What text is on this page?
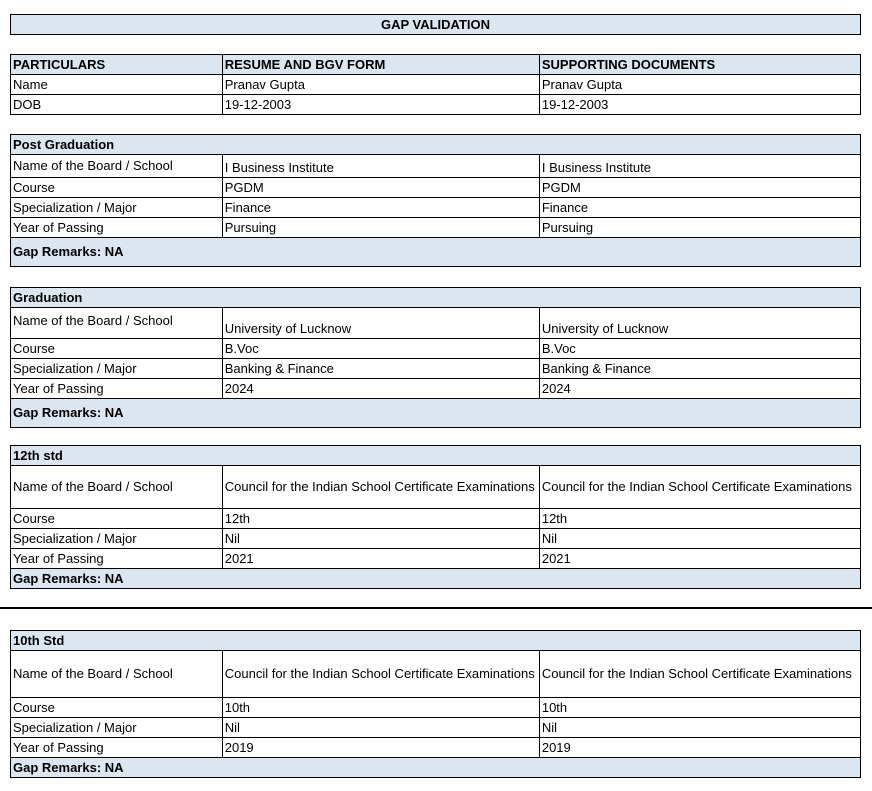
GAP VALIDATION
PARTICULARS	RESUME AND BGV FORM	SUPPORTING DOCUMENTS
Name	Pranav Gupta	Pranav Gupta
DOB	19-12-2003	19-12-2003
Post Graduation		
Name of the Board / School	I Business Institute	I Business Institute
Course	PGDM	PGDM
Specialization / Major	Finance	Finance
Year of Passing	Pursuing	Pursuing
Gap Remarks: NA		
Graduation		
Name of the Board / School	University of Lucknow	University of Lucknow
Course	B.Voc	B.Voc
Specialization / Major	Banking & Finance	Banking & Finance
Year of Passing	2024	2024
Gap Remarks: NA		
12th std		
Name of the Board / School	Council for the Indian School Certificate Examinations	Council for the Indian School Certificate Examinations
Course	12th	12th
Specialization / Major	Nil	Nil
Year of Passing	2021	2021
Gap Remarks: NA		
10th Std		
Name of the Board / School	Council for the Indian School Certificate Examinations	Council for the Indian School Certificate Examinations
Course	10th	10th
Specialization / Major	Nil	Nil
Year of Passing	2019	2019
Gap Remarks: NA		
